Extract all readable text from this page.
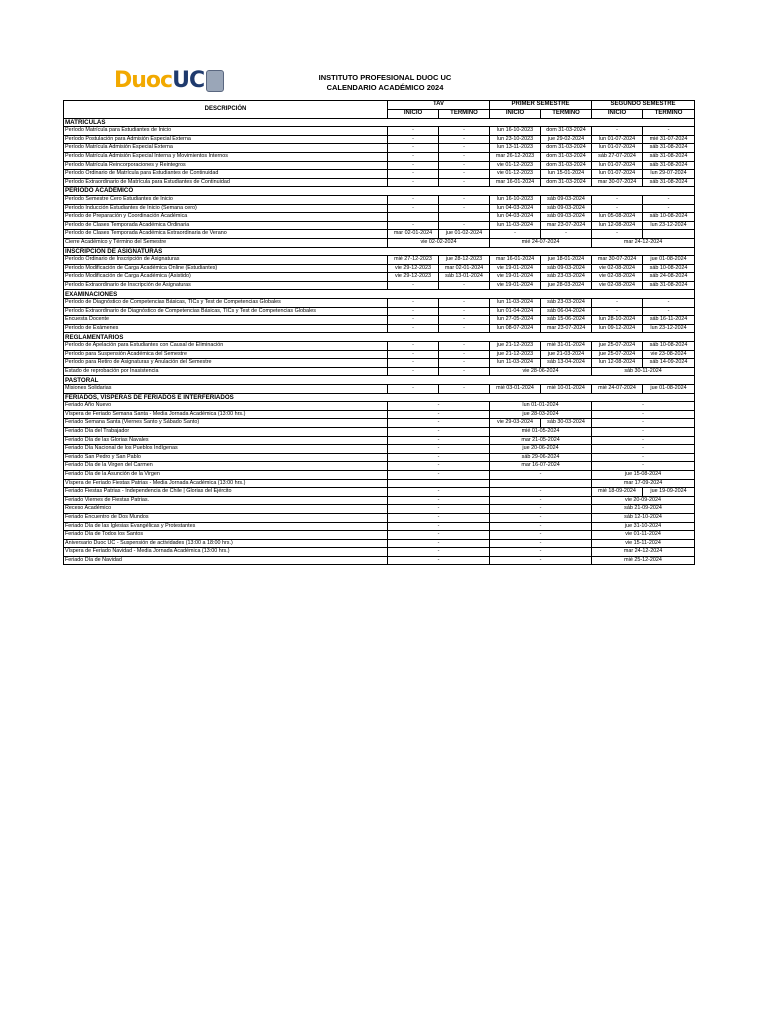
Duoc UC	INSTITUTO PROFESIONAL DUOC UC
CALENDARIO ACADÉMICO 2024
DESCRIPCIÓN	TAV		PRIMER SEMESTRE		SEGUNDO SEMESTRE	
	INICIO	TÉRMINO	INICIO	TÉRMINO	INICIO	TÉRMINO
MATRÍCULAS						
Período Matrícula para Estudiantes de Inicio	-	-	lun 16-10-2023	dom 31-03-2024	-	-
Período Postulación para Admisión Especial Externa	-	-	lun 23-10-2023	jue 29-02-2024	lun 01-07-2024	mié 31-07-2024
Período Matrícula Admisión Especial Externa	-	-	lun 13-11-2023	dom 31-03-2024	lun 01-07-2024	sáb 31-08-2024
Período Matrícula Admisión Especial Interna y Movimientos Internos	-	-	mar 26-12-2023	dom 31-03-2024	sáb 27-07-2024	sáb 31-08-2024
Período Matrícula Reincorporaciones y Reintegros	-	-	vie 01-12-2023	dom 31-03-2024	lun 01-07-2024	sáb 31-08-2024
Período Ordinario de Matrícula para Estudiantes de Continuidad	-	-	vie 01-12-2023	lun 15-01-2024	lun 01-07-2024	lun 29-07-2024
Período Extraordinario de Matrícula para Estudiantes de Continuidad	-	-	mar 16-01-2024	dom 31-03-2024	mar 30-07-2024	sáb 31-08-2024
PERÍODO ACADÉMICO						
Período Semestre Cero Estudiantes de Inicio	-	-	lun 16-10-2023	sáb 09-03-2024	-	-
Período Inducción Estudiantes de Inicio (Semana cero)	-	-	lun 04-03-2024	sáb 09-03-2024	-	-
Período de Preparación y Coordinación Académica			lun 04-03-2024	sáb 09-03-2024	lun 05-08-2024	sáb 10-08-2024
Período de Clases Temporada Académica Ordinaria	-	-	lun 11-03-2024	mar 23-07-2024	lun 12-08-2024	lun 23-12-2024
Período de Clases Temporada Académica Extraordinaria de Verano	mar 02-01-2024	jue 01-02-2024	-	-	-	
Cierre Académico y Término del Semestre	vie 02-02-2024		mié 24-07-2024		mar 24-12-2024	
INSCRIPCIÓN DE ASIGNATURAS						
Período Ordinario de Inscripción de Asignaturas	mié 27-12-2023	jue 28-12-2023	mar 16-01-2024	jue 18-01-2024	mar 30-07-2024	jue 01-08-2024
Período Modificación de Carga Académica Online (Estudiantes)	vie 29-12-2023	mar 02-01-2024	vie 19-01-2024	sáb 09-03-2024	vie 02-08-2024	sáb 10-08-2024
Período Modificación de Carga Académica (Asistido)	vie 29-12-2023	sáb 13-01-2024	vie 19-01-2024	sáb 23-03-2024	vie 02-08-2024	sáb 24-08-2024
Período Extraordinario de Inscripción de Asignaturas	-	-	vie 19-01-2024	jue 28-03-2024	vie 02-08-2024	sáb 31-08-2024
EXAMINACIONES						
Período de Diagnóstico de Competencias Básicas, TICs y Test de Competencias Globales	-	-	lun 11-03-2024	sáb 23-03-2024	-	-
Período Extraordinario de Diagnóstico de Competencias Básicas, TICs y Test de Competencias Globales	-	-	lun 01-04-2024	sáb 06-04-2024	-	-
Encuesta Docente	-	-	lun 27-05-2024	sáb 15-06-2024	lun 28-10-2024	sáb 16-11-2024
Período de Exámenes	-	-	lun 08-07-2024	mar 23-07-2024	lun 09-12-2024	lun 23-12-2024
REGLAMENTARIOS						
Período de Apelación para Estudiantes con Causal de Eliminación	-	-	jue 21-12-2023	mié 31-01-2024	jue 25-07-2024	sáb 10-08-2024
Período para Suspensión Académica del Semestre	-	-	jue 21-12-2023	jue 21-03-2024	jue 25-07-2024	vie 23-08-2024
Período para Retiro de Asignaturas y Anulación del Semestre	-	-	lun 11-03-2024	sáb 13-04-2024	lun 12-08-2024	sáb 14-09-2024
Estado de reprobación por Inasistencia	-	-	vie 28-06-2024		sáb 30-11-2024	
PASTORAL						
Misiones Solidarias	-	-	mié 03-01-2024	mié 10-01-2024	mié 24-07-2024	jue 01-08-2024
FERIADOS, VÍSPERAS DE FERIADOS E INTERFERIADOS						
Feriado Año Nuevo	-		lun 01-01-2024		-	
Víspera de Feriado Semana Santa - Media Jornada Académica (13:00 hrs.)	-		jue 28-03-2024		-	
Feriado Semana Santa (Viernes Santo y Sábado Santo)	-		vie 29-03-2024	sáb 30-03-2024	-	
Feriado Día del Trabajador	-		mié 01-05-2024		-	
Feriado Día de las Glorias Navales	-		mar 21-05-2024		-	
Feriado Día Nacional de los Pueblos Indígenas	-		jue 20-06-2024		-	
Feriado San Pedro y San Pablo	-		sáb 29-06-2024		-	
Feriado Día de la Virgen del Carmen	-		mar 16-07-2024		-	
Feriado Día de la Asunción de la Virgen	-		-		jue 15-08-2024	
Víspera de Feriado Fiestas Patrias - Media Jornada Académica (13:00 hrs.)					mar 17-09-2024	
Feriado Fiestas Patrias - Independencia de Chile | Glorias del Ejército	-		-		mié 18-09-2024	jue 19-09-2024
Feriado Viernes de Fiestas Patrias.	-		-		vie 20-09-2024	
Receso Académico	-		-		sáb 21-09-2024	
Feriado Encuentro de Dos Mundos	-		-		sáb 12-10-2024	
Feriado Día de las Iglesias Evangélicas y Protestantes	-		-		jue 31-10-2024	
Feriado Día de Todos los Santos	-		-		vie 01-11-2024	
Aniversario Duoc UC - Suspensión de actividades (13:00 a 18:00 hrs.)	-		-		vie 15-11-2024	
Víspera de Feriado Navidad - Media Jornada Académica (13:00 hrs.)	-		-		mar 24-12-2024	
Feriado Día de Navidad	-		-		mié 25-12-2024	
